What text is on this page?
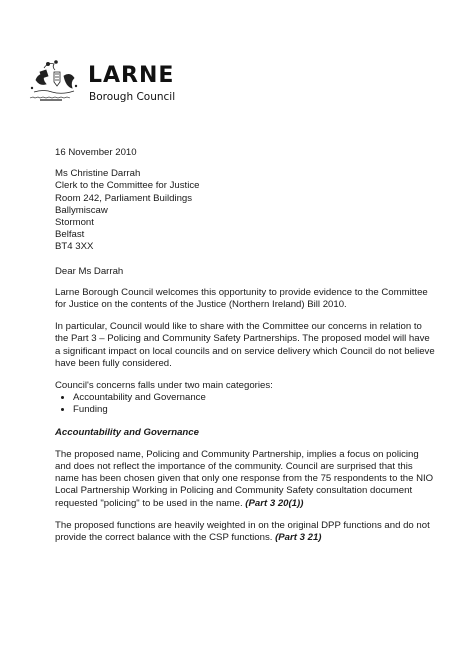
LARNE
Borough Council
16 November 2010
Ms Christine Darrah
Clerk to the Committee for Justice
Room 242, Parliament Buildings
Ballymiscaw
Stormont
Belfast
BT4 3XX
Dear Ms Darrah

Larne Borough Council welcomes this opportunity to provide evidence to the Committee for Justice on the contents of the Justice (Northern Ireland) Bill 2010.

In particular, Council would like to share with the Committee our concerns in relation to the Part 3 – Policing and Community Safety Partnerships. The proposed model will have a significant impact on local councils and on service delivery which Council do not believe have been fully considered.

Council's concerns falls under two main categories:

• Accountability and Governance
• Funding
Accountability and Governance

The proposed name, Policing and Community Partnership, implies a focus on policing and does not reflect the importance of the community. Council are surprised that this name has been chosen given that only one response from the 75 respondents to the NIO Local Partnership Working in Policing and Community Safety consultation document requested "policing" to be used in the name. (Part 3 20(1))

The proposed functions are heavily weighted in on the original DPP functions and do not provide the correct balance with the CSP functions. (Part 3 21)
